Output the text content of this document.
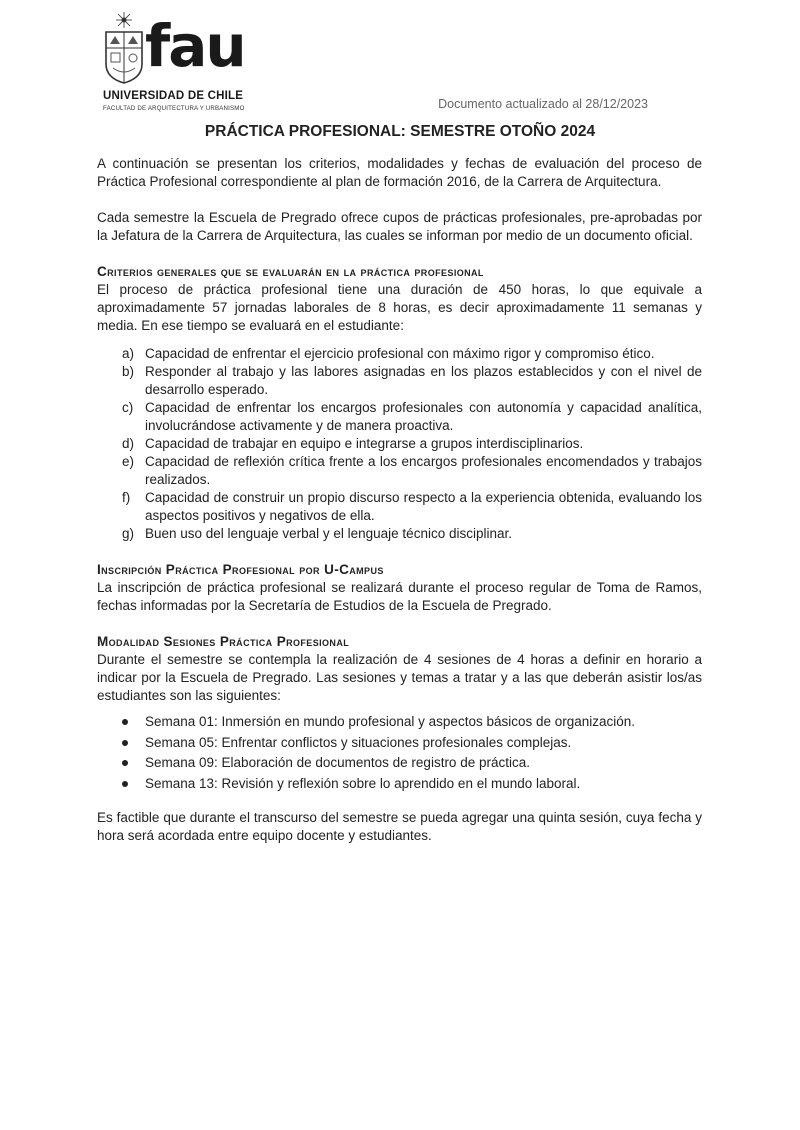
fau
UNIVERSIDAD DE CHILE
FACULTAD DE ARQUITECTURA Y URBANISMO	Documento actualizado al 28/12/2023
PRÁCTICA PROFESIONAL: SEMESTRE OTOÑO 2024

A continuación se presentan los criterios, modalidades y fechas de evaluación del proceso de Práctica Profesional correspondiente al plan de formación 2016, de la Carrera de Arquitectura.

Cada semestre la Escuela de Pregrado ofrece cupos de prácticas profesionales, pre-aprobadas por la Jefatura de la Carrera de Arquitectura, las cuales se informan por medio de un documento oficial.

Criterios generales que se evaluarán en la práctica profesional

El proceso de práctica profesional tiene una duración de 450 horas, lo que equivale a aproximadamente 57 jornadas laborales de 8 horas, es decir aproximadamente 11 semanas y media. En ese tiempo se evaluará en el estudiante:

a) Capacidad de enfrentar el ejercicio profesional con máximo rigor y compromiso ético.
b) Responder al trabajo y las labores asignadas en los plazos establecidos y con el nivel de desarrollo esperado.
c) Capacidad de enfrentar los encargos profesionales con autonomía y capacidad analítica, involucrándose activamente y de manera proactiva.
d) Capacidad de trabajar en equipo e integrarse a grupos interdisciplinarios.
e) Capacidad de reflexión crítica frente a los encargos profesionales encomendados y trabajos realizados.
f) Capacidad de construir un propio discurso respecto a la experiencia obtenida, evaluando los aspectos positivos y negativos de ella.
g) Buen uso del lenguaje verbal y el lenguaje técnico disciplinar.

Inscripción Práctica Profesional por U-Campus

La inscripción de práctica profesional se realizará durante el proceso regular de Toma de Ramos, fechas informadas por la Secretaría de Estudios de la Escuela de Pregrado.

Modalidad Sesiones Práctica Profesional

Durante el semestre se contempla la realización de 4 sesiones de 4 horas a definir en horario a indicar por la Escuela de Pregrado. Las sesiones y temas a tratar y a las que deberán asistir los/as estudiantes son las siguientes:

Semana 01: Inmersión en mundo profesional y aspectos básicos de organización.
Semana 05: Enfrentar conflictos y situaciones profesionales complejas.
Semana 09: Elaboración de documentos de registro de práctica.
Semana 13: Revisión y reflexión sobre lo aprendido en el mundo laboral.

Es factible que durante el transcurso del semestre se pueda agregar una quinta sesión, cuya fecha y hora será acordada entre equipo docente y estudiantes.
